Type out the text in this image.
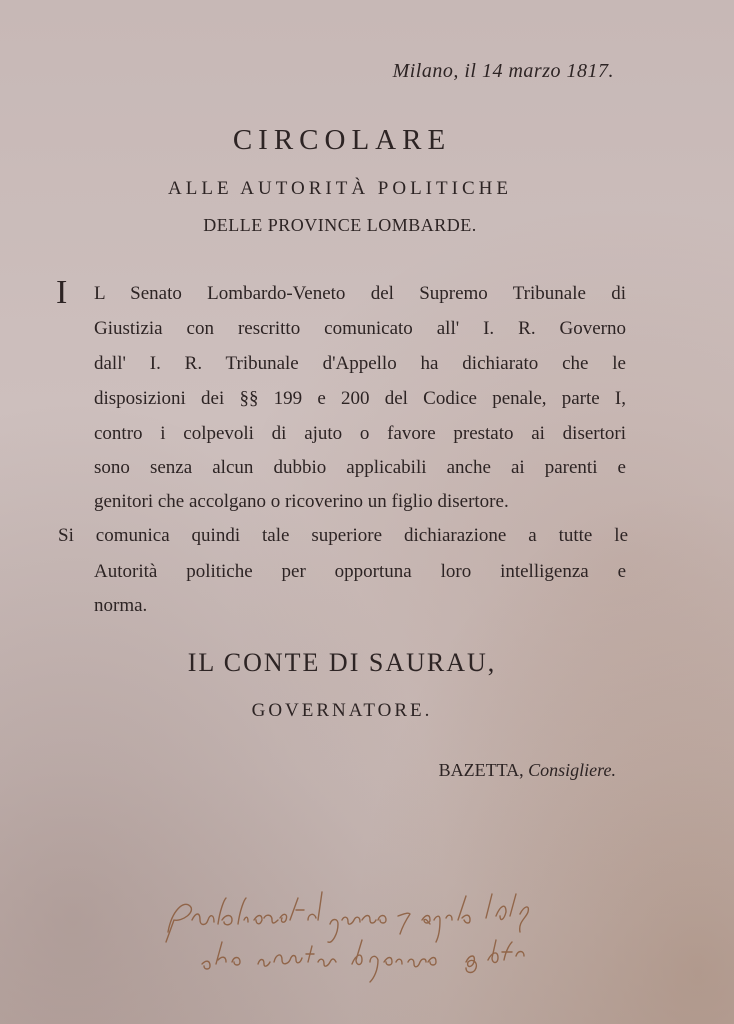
Milano, il 14 marzo 1817.
CIRCOLARE
ALLE AUTORITÀ POLITICHE
DELLE PROVINCE LOMBARDE.
I L Senato Lombardo-Veneto del Supremo Tribunale di
Giustizia con rescritto comunicato all' I. R. Governo
dall' I. R. Tribunale d'Appello ha dichiarato che le
disposizioni dei §§ 199 e 200 del Codice penale, parte I,
contro i colpevoli di ajuto o favore prestato ai disertori
sono senza alcun dubbio applicabili anche ai parenti e
genitori che accolgano o ricoverino un figlio disertore.
Si comunica quindi tale superiore dichiarazione a tutte le
Autorità politiche per opportuna loro intelligenza e
norma.
IL CONTE DI SAURAU,
GOVERNATORE.
BAZETTA, Consigliere.
